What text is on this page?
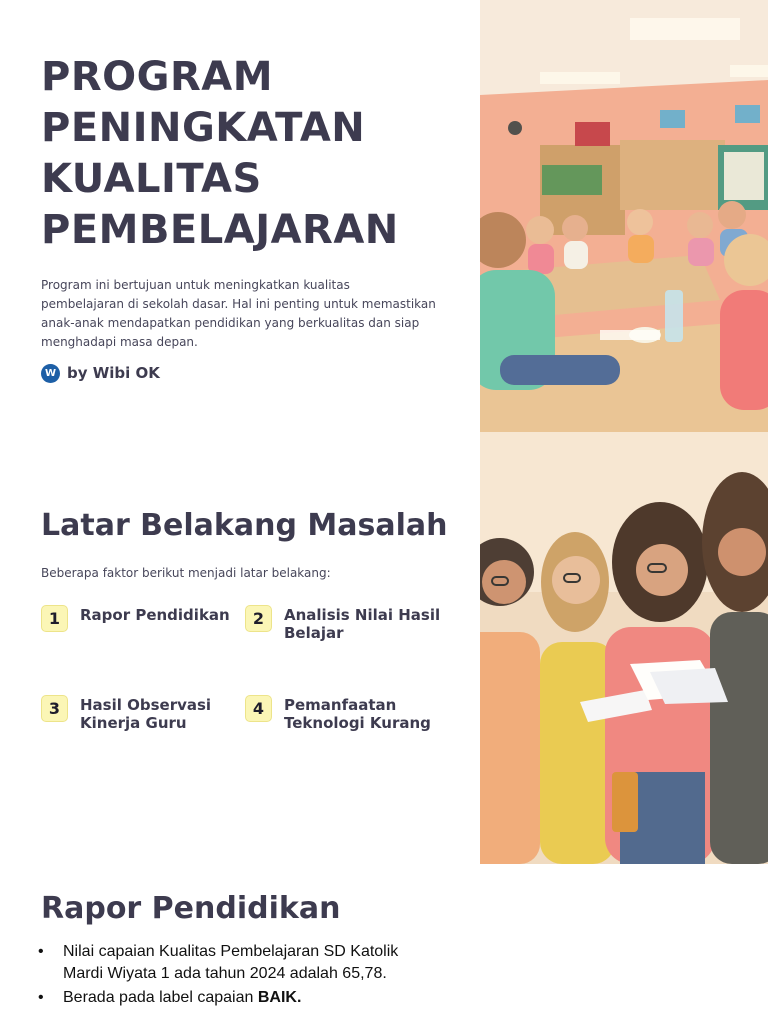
PROGRAM
PENINGKATAN
KUALITAS
PEMBELAJARAN

Program ini bertujuan untuk meningkatkan kualitas pembelajaran di sekolah dasar. Hal ini penting untuk memastikan anak-anak mendapatkan pendidikan yang berkualitas dan siap menghadapi masa depan.

W by Wibi OK
Latar Belakang Masalah

Beberapa faktor berikut menjadi latar belakang:

1	Rapor Pendidikan	2	Analisis Nilai Hasil Belajar
3	Hasil Observasi Kinerja Guru
4	Pemanfaatan Teknologi Kurang
Rapor Pendidikan
• Nilai capaian Kualitas Pembelajaran SD Katolik Mardi Wiyata 1 ada tahun 2024 adalah 65,78.
• Berada pada label capaian BAIK.
